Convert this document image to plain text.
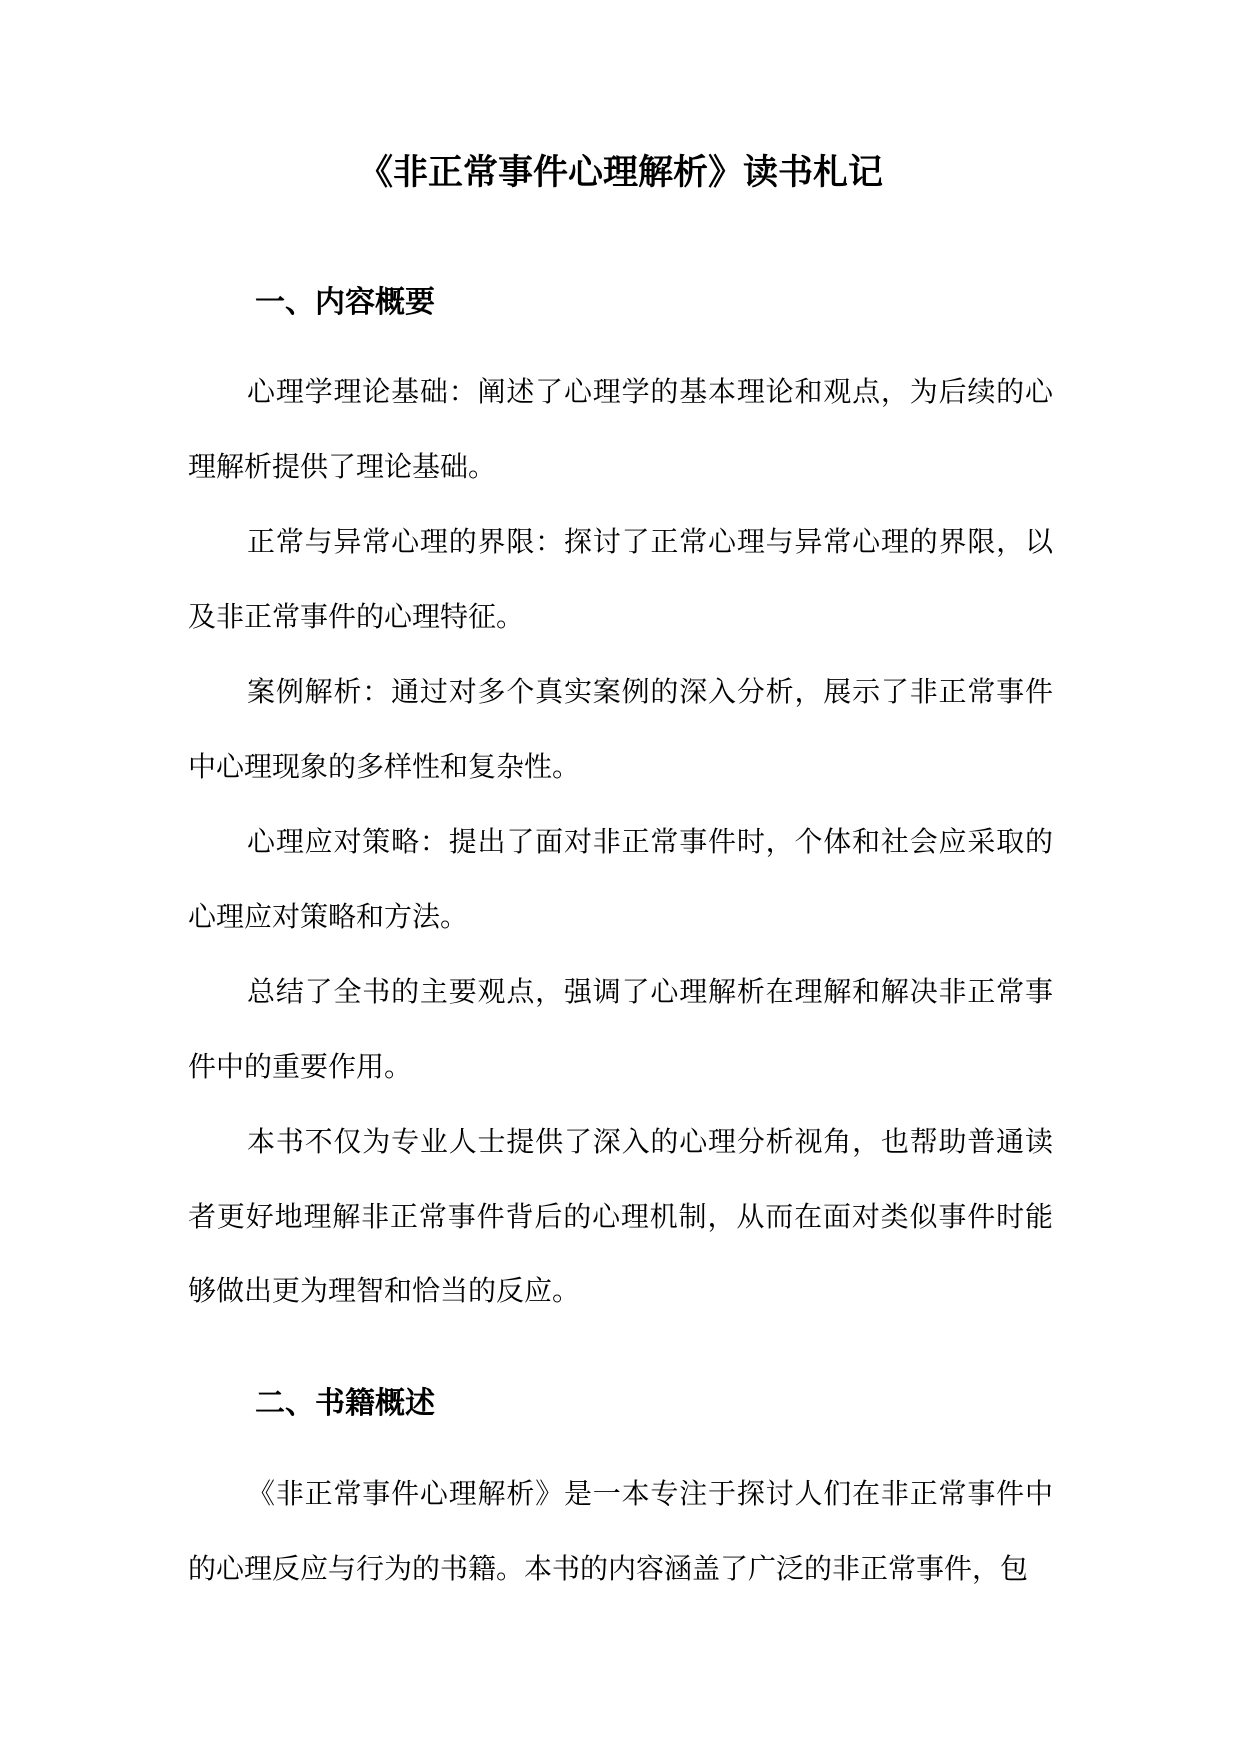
《非正常事件心理解析》读书札记
一、内容概要

心理学理论基础：阐述了心理学的基本理论和观点，为后续的心理解析提供了理论基础。

正常与异常心理的界限：探讨了正常心理与异常心理的界限，以及非正常事件的心理特征。

案例解析：通过对多个真实案例的深入分析，展示了非正常事件中心理现象的多样性和复杂性。

心理应对策略：提出了面对非正常事件时，个体和社会应采取的心理应对策略和方法。

总结了全书的主要观点，强调了心理解析在理解和解决非正常事件中的重要作用。

本书不仅为专业人士提供了深入的心理分析视角，也帮助普通读者更好地理解非正常事件背后的心理机制，从而在面对类似事件时能够做出更为理智和恰当的反应。

二、书籍概述

《非正常事件心理解析》是一本专注于探讨人们在非正常事件中的心理反应与行为的书籍。本书的内容涵盖了广泛的非正常事件，包
